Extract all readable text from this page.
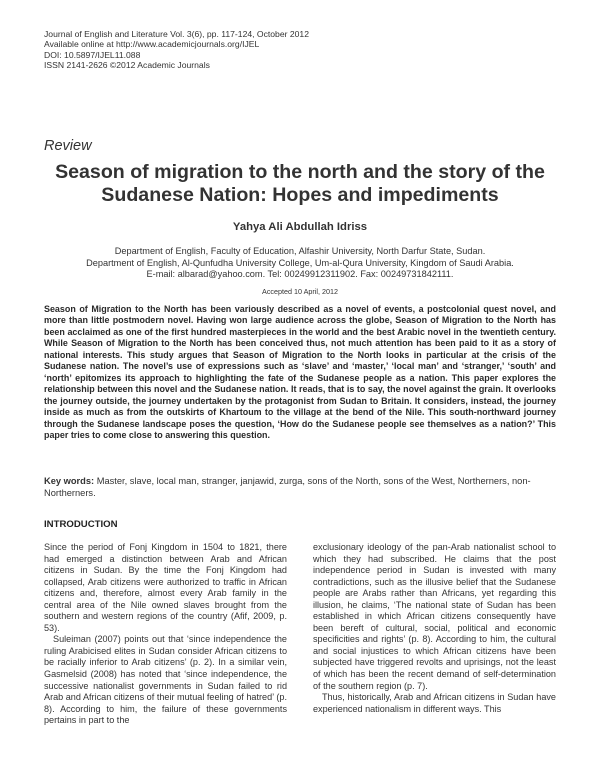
Journal of English and Literature Vol. 3(6), pp. 117-124, October 2012
Available online at http://www.academicjournals.org/IJEL
DOI: 10.5897/IJEL11.088
ISSN 2141-2626 ©2012 Academic Journals
Review
Season of migration to the north and the story of the Sudanese Nation: Hopes and impediments
Yahya Ali Abdullah Idriss
Department of English, Faculty of Education, Alfashir University, North Darfur State, Sudan.
Department of English, Al-Qunfudha University College, Um-al-Qura University, Kingdom of Saudi Arabia.
E-mail: albarad@yahoo.com. Tel: 00249912311902. Fax: 00249731842111.
Accepted 10 April, 2012
Season of Migration to the North has been variously described as a novel of events, a postcolonial quest novel, and more than little postmodern novel. Having won large audience across the globe, Season of Migration to the North has been acclaimed as one of the first hundred masterpieces in the world and the best Arabic novel in the twentieth century. While Season of Migration to the North has been conceived thus, not much attention has been paid to it as a story of national interests. This study argues that Season of Migration to the North looks in particular at the crisis of the Sudanese nation. The novel’s use of expressions such as ‘slave’ and ‘master,’ ‘local man’ and ‘stranger,’ ‘south’ and ‘north’ epitomizes its approach to highlighting the fate of the Sudanese people as a nation. This paper explores the relationship between this novel and the Sudanese nation. It reads, that is to say, the novel against the grain. It overlooks the journey outside, the journey undertaken by the protagonist from Sudan to Britain. It considers, instead, the journey inside as much as from the outskirts of Khartoum to the village at the bend of the Nile. This south-northward journey through the Sudanese landscape poses the question, ‘How do the Sudanese people see themselves as a nation?’ This paper tries to come close to answering this question.
Key words: Master, slave, local man, stranger, janjawid, zurga, sons of the North, sons of the West, Northerners, non-Northerners.
INTRODUCTION

Since the period of Fonj Kingdom in 1504 to 1821, there had emerged a distinction between Arab and African citizens in Sudan. By the time the Fonj Kingdom had collapsed, Arab citizens were authorized to traffic in African citizens and, therefore, almost every Arab family in the central area of the Nile owned slaves brought from the southern and western regions of the country (Afif, 2009, p. 53).

Suleiman (2007) points out that ‘since independence the ruling Arabicised elites in Sudan consider African citizens to be racially inferior to Arab citizens’ (p. 2). In a similar vein, Gasmelsid (2008) has noted that ‘since independence, the successive nationalist governments in Sudan failed to rid Arab and African citizens of their mutual feeling of hatred’ (p. 8). According to him, the failure of these governments pertains in part to the

exclusionary ideology of the pan-Arab nationalist school to which they had subscribed. He claims that the post independence period in Sudan is invested with many contradictions, such as the illusive belief that the Sudanese people are Arabs rather than Africans, yet regarding this illusion, he claims, ‘The national state of Sudan has been established in which African citizens consequently have been bereft of cultural, social, political and economic specificities and rights’ (p. 8). According to him, the cultural and social injustices to which African citizens have been subjected have triggered revolts and uprisings, not the least of which has been the recent demand of self-determination of the southern region (p. 7).

Thus, historically, Arab and African citizens in Sudan have experienced nationalism in different ways. This
